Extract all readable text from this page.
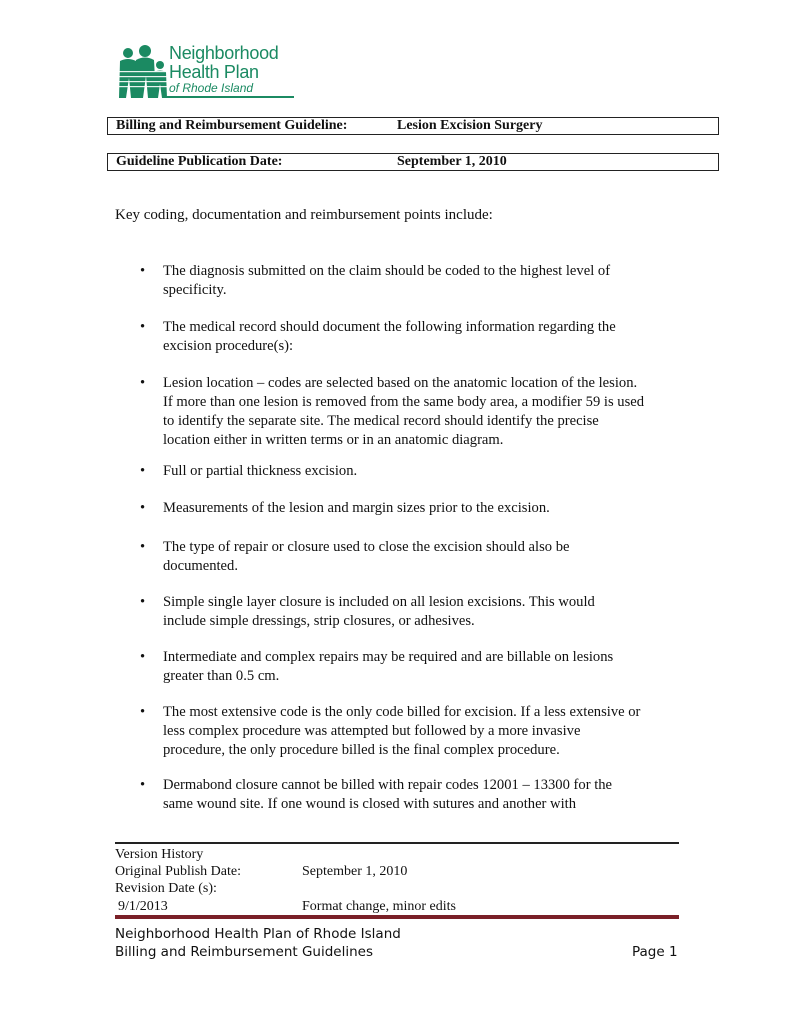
Neighborhood
Health Plan
of Rhode Island
Billing and Reimbursement Guideline:	Lesion Excision Surgery
Guideline Publication Date:	September 1, 2010
Key coding, documentation and reimbursement points include:
•	The diagnosis submitted on the claim should be coded to the highest level of
specificity.
•	The medical record should document the following information regarding the
excision procedure(s):
•	Lesion location – codes are selected based on the anatomic location of the lesion.
If more than one lesion is removed from the same body area, a modifier 59 is used
to identify the separate site. The medical record should identify the precise
location either in written terms or in an anatomic diagram.
•	Full or partial thickness excision.
•	Measurements of the lesion and margin sizes prior to the excision.
•	The type of repair or closure used to close the excision should also be
documented.
•	Simple single layer closure is included on all lesion excisions. This would
include simple dressings, strip closures, or adhesives.
•	Intermediate and complex repairs may be required and are billable on lesions
greater than 0.5 cm.
•	The most extensive code is the only code billed for excision. If a less extensive or
less complex procedure was attempted but followed by a more invasive
procedure, the only procedure billed is the final complex procedure.
•	Dermabond closure cannot be billed with repair codes 12001 – 13300 for the
same wound site. If one wound is closed with sutures and another with
Version History
Original Publish Date:	September 1, 2010
Revision Date (s):
9/1/2013	Format change, minor edits
Neighborhood Health Plan of Rhode Island
Billing and Reimbursement Guidelines	Page 1
